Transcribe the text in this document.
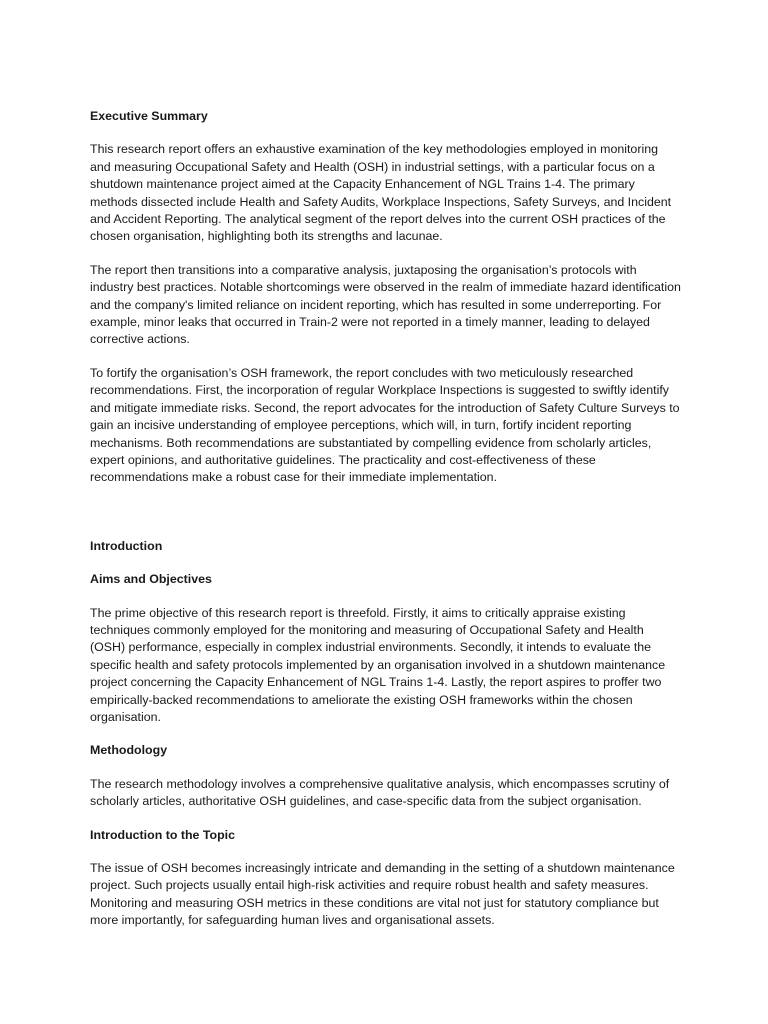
Executive Summary

This research report offers an exhaustive examination of the key methodologies employed in monitoring and measuring Occupational Safety and Health (OSH) in industrial settings, with a particular focus on a shutdown maintenance project aimed at the Capacity Enhancement of NGL Trains 1-4. The primary methods dissected include Health and Safety Audits, Workplace Inspections, Safety Surveys, and Incident and Accident Reporting. The analytical segment of the report delves into the current OSH practices of the chosen organisation, highlighting both its strengths and lacunae.

The report then transitions into a comparative analysis, juxtaposing the organisation’s protocols with industry best practices. Notable shortcomings were observed in the realm of immediate hazard identification and the company's limited reliance on incident reporting, which has resulted in some underreporting. For example, minor leaks that occurred in Train-2 were not reported in a timely manner, leading to delayed corrective actions.

To fortify the organisation’s OSH framework, the report concludes with two meticulously researched recommendations. First, the incorporation of regular Workplace Inspections is suggested to swiftly identify and mitigate immediate risks. Second, the report advocates for the introduction of Safety Culture Surveys to gain an incisive understanding of employee perceptions, which will, in turn, fortify incident reporting mechanisms. Both recommendations are substantiated by compelling evidence from scholarly articles, expert opinions, and authoritative guidelines. The practicality and cost-effectiveness of these recommendations make a robust case for their immediate implementation.

Introduction

Aims and Objectives

The prime objective of this research report is threefold. Firstly, it aims to critically appraise existing techniques commonly employed for the monitoring and measuring of Occupational Safety and Health (OSH) performance, especially in complex industrial environments. Secondly, it intends to evaluate the specific health and safety protocols implemented by an organisation involved in a shutdown maintenance project concerning the Capacity Enhancement of NGL Trains 1-4. Lastly, the report aspires to proffer two empirically-backed recommendations to ameliorate the existing OSH frameworks within the chosen organisation.

Methodology

The research methodology involves a comprehensive qualitative analysis, which encompasses scrutiny of scholarly articles, authoritative OSH guidelines, and case-specific data from the subject organisation.

Introduction to the Topic

The issue of OSH becomes increasingly intricate and demanding in the setting of a shutdown maintenance project. Such projects usually entail high-risk activities and require robust health and safety measures. Monitoring and measuring OSH metrics in these conditions are vital not just for statutory compliance but more importantly, for safeguarding human lives and organisational assets.
